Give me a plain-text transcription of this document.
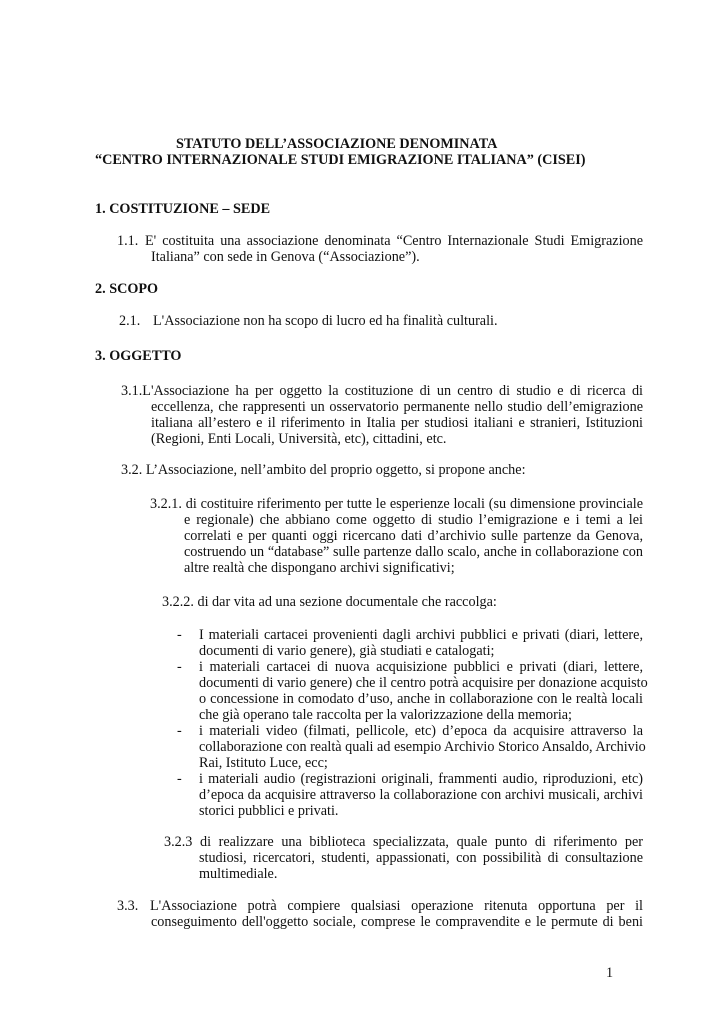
STATUTO DELL’ASSOCIAZIONE DENOMINATA
“CENTRO INTERNAZIONALE STUDI EMIGRAZIONE ITALIANA” (CISEI)
1. COSTITUZIONE – SEDE
1.1. E' costituita una associazione denominata “Centro Internazionale Studi Emigrazione
Italiana” con sede in Genova (“Associazione”).
2. SCOPO
2.1. L'Associazione non ha scopo di lucro ed ha finalità culturali.
3. OGGETTO
3.1.L'Associazione ha per oggetto la costituzione di un centro di studio e di ricerca di
eccellenza, che rappresenti un osservatorio permanente nello studio dell’emigrazione
italiana all’estero e il riferimento in Italia per studiosi italiani e stranieri, Istituzioni
(Regioni, Enti Locali, Università, etc), cittadini, etc.
3.2. L’Associazione, nell’ambito del proprio oggetto, si propone anche:
3.2.1. di costituire riferimento per tutte le esperienze locali (su dimensione provinciale
e regionale) che abbiano come oggetto di studio l’emigrazione e i temi a lei
correlati e per quanti oggi ricercano dati d’archivio sulle partenze da Genova,
costruendo un “database” sulle partenze dallo scalo, anche in collaborazione con
altre realtà che dispongano archivi significativi;
3.2.2. di dar vita ad una sezione documentale che raccolga:
- I materiali cartacei provenienti dagli archivi pubblici e privati (diari, lettere,
documenti di vario genere), già studiati e catalogati;
- i materiali cartacei di nuova acquisizione pubblici e privati (diari, lettere,
documenti di vario genere) che il centro potrà acquisire per donazione acquisto
o concessione in comodato d’uso, anche in collaborazione con le realtà locali
che già operano tale raccolta per la valorizzazione della memoria;
- i materiali video (filmati, pellicole, etc) d’epoca da acquisire attraverso la
collaborazione con realtà quali ad esempio Archivio Storico Ansaldo, Archivio
Rai, Istituto Luce, ecc;
- i materiali audio (registrazioni originali, frammenti audio, riproduzioni, etc)
d’epoca da acquisire attraverso la collaborazione con archivi musicali, archivi
storici pubblici e privati.
3.2.3 di realizzare una biblioteca specializzata, quale punto di riferimento per
studiosi, ricercatori, studenti, appassionati, con possibilità di consultazione
multimediale.
3.3. L'Associazione potrà compiere qualsiasi operazione ritenuta opportuna per il
conseguimento dell'oggetto sociale, comprese le compravendite e le permute di beni
1
